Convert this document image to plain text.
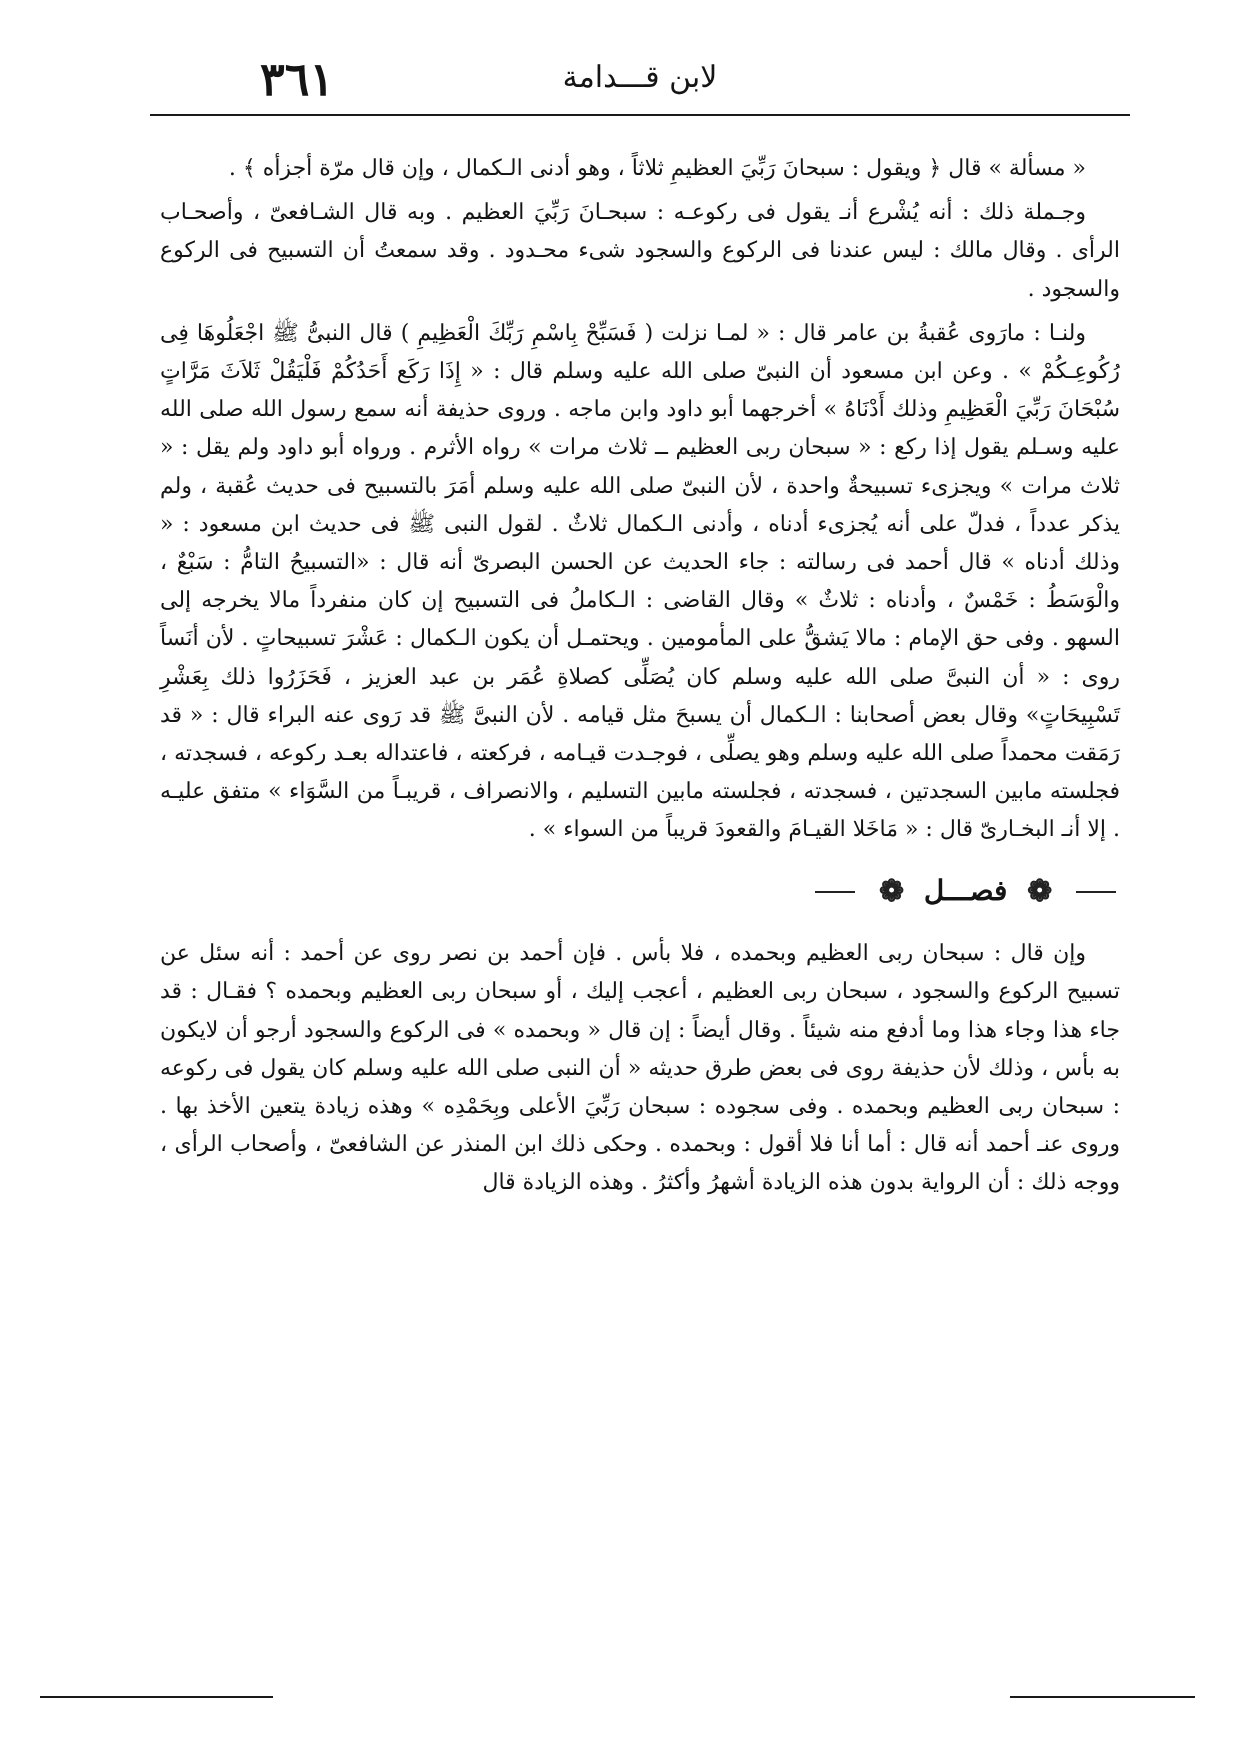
٣٦١	لابن قـــدامة

« مسألة » قال ﴿ ويقول : سبحانَ رَبِّيَ العظيمِ ثلاثاً ، وهو أدنى الـكمال ، وإن قال مرّة أجزأه ﴾ .

وجـملة ذلك : أنه يُشْرع أنـ يقول فى ركوعـه : سبحـانَ رَبِّيَ العظيم . وبه قال الشـافعىّ ، وأصحـاب الرأى . وقال مالك : ليس عندنا فى الركوع والسجود شىء محـدود . وقد سمعتُ أن التسبيح فى الركوع والسجود .

ولنـا : مارَوى عُقبةُ بن عامر قال : « لمـا نزلت ( فَسَبِّحْ بِاسْمِ رَبِّكَ الْعَظِيمِ ) قال النبىُّ ﷺ اجْعَلُوهَا فِى رُكُوعِـكُمْ » . وعن ابن مسعود أن النبىّ صلى الله عليه وسلم قال : « إِذَا رَكَع أَحَدُكُمْ فَلْيَقُلْ ثَلاَثَ مَرَّاتٍ سُبْحَانَ رَبِّيَ الْعَظِيمِ وذلك أَدْنَاهُ » أخرجهما أبو داود وابن ماجه . وروى حذيفة أنه سمع رسول الله صلى الله عليه وسـلم يقول إذا ركع : « سبحان ربى العظيم ــ ثلاث مرات » رواه الأثرم . ورواه أبو داود ولم يقل : « ثلاث مرات » ويجزىء تسبيحةٌ واحدة ، لأن النبىّ صلى الله عليه وسلم أمَرَ بالتسبيح فى حديث عُقبة ، ولم يذكر عدداً ، فدلّ على أنه يُجزىء أدناه ، وأدنى الـكمال ثلاثٌ . لقول النبى ﷺ فى حديث ابن مسعود : « وذلك أدناه » قال أحمد فى رسالته : جاء الحديث عن الحسن البصرىّ أنه قال : «التسبيحُ التامُّ : سَبْعٌ ، والْوَسَطُ : خَمْسٌ ، وأدناه : ثلاثٌ » وقال القاضى : الـكاملُ فى التسبيح إن كان منفرداً مالا يخرجه إلى السهو . وفى حق الإمام : مالا يَشقُّ على المأمومين . ويحتمـل أن يكون الـكمال : عَشْرَ تسبيحاتٍ . لأن أنَساً روى : « أن النبىَّ صلى الله عليه وسلم كان يُصَلِّى كصلاةِ عُمَر بن عبد العزيز ، فَحَزَرُوا ذلك بِعَشْرِ تَسْبِيحَاتٍ» وقال بعض أصحابنا : الـكمال أن يسبحَ مثل قيامه . لأن النبىَّ ﷺ قد رَوى عنه البراء قال : « قد رَمَقت محمداً صلى الله عليه وسلم وهو يصلِّى ، فوجـدت قيـامه ، فركعته ، فاعتداله بعـد ركوعه ، فسجدته ، فجلسته مابين السجدتين ، فسجدته ، فجلسته مابين التسليم ، والانصراف ، قريبـاً من السَّوَاء » متفق عليـه . إلا أنـ البخـارىّ قال : « مَاخَلا القيـامَ والقعودَ قريباً من السواء » .

❁ فصـــل ❁

وإن قال : سبحان ربى العظيم وبحمده ، فلا بأس . فإن أحمد بن نصر روى عن أحمد : أنه سئل عن تسبيح الركوع والسجود ، سبحان ربى العظيم ، أعجب إليك ، أو سبحان ربى العظيم وبحمده ؟ فقـال : قد جاء هذا وجاء هذا وما أدفع منه شيئاً . وقال أيضاً : إن قال « وبحمده » فى الركوع والسجود أرجو أن لايكون به بأس ، وذلك لأن حذيفة روى فى بعض طرق حديثه « أن النبى صلى الله عليه وسلم كان يقول فى ركوعه : سبحان ربى العظيم وبحمده . وفى سجوده : سبحان رَبِّيَ الأعلى وبِحَمْدِه » وهذه زيادة يتعين الأخذ بها . وروى عنـ أحمد أنه قال : أما أنا فلا أقول : وبحمده . وحكى ذلك ابن المنذر عن الشافعىّ ، وأصحاب الرأى ، ووجه ذلك : أن الرواية بدون هذه الزيادة أشهرُ وأكثرُ . وهذه الزيادة قال
